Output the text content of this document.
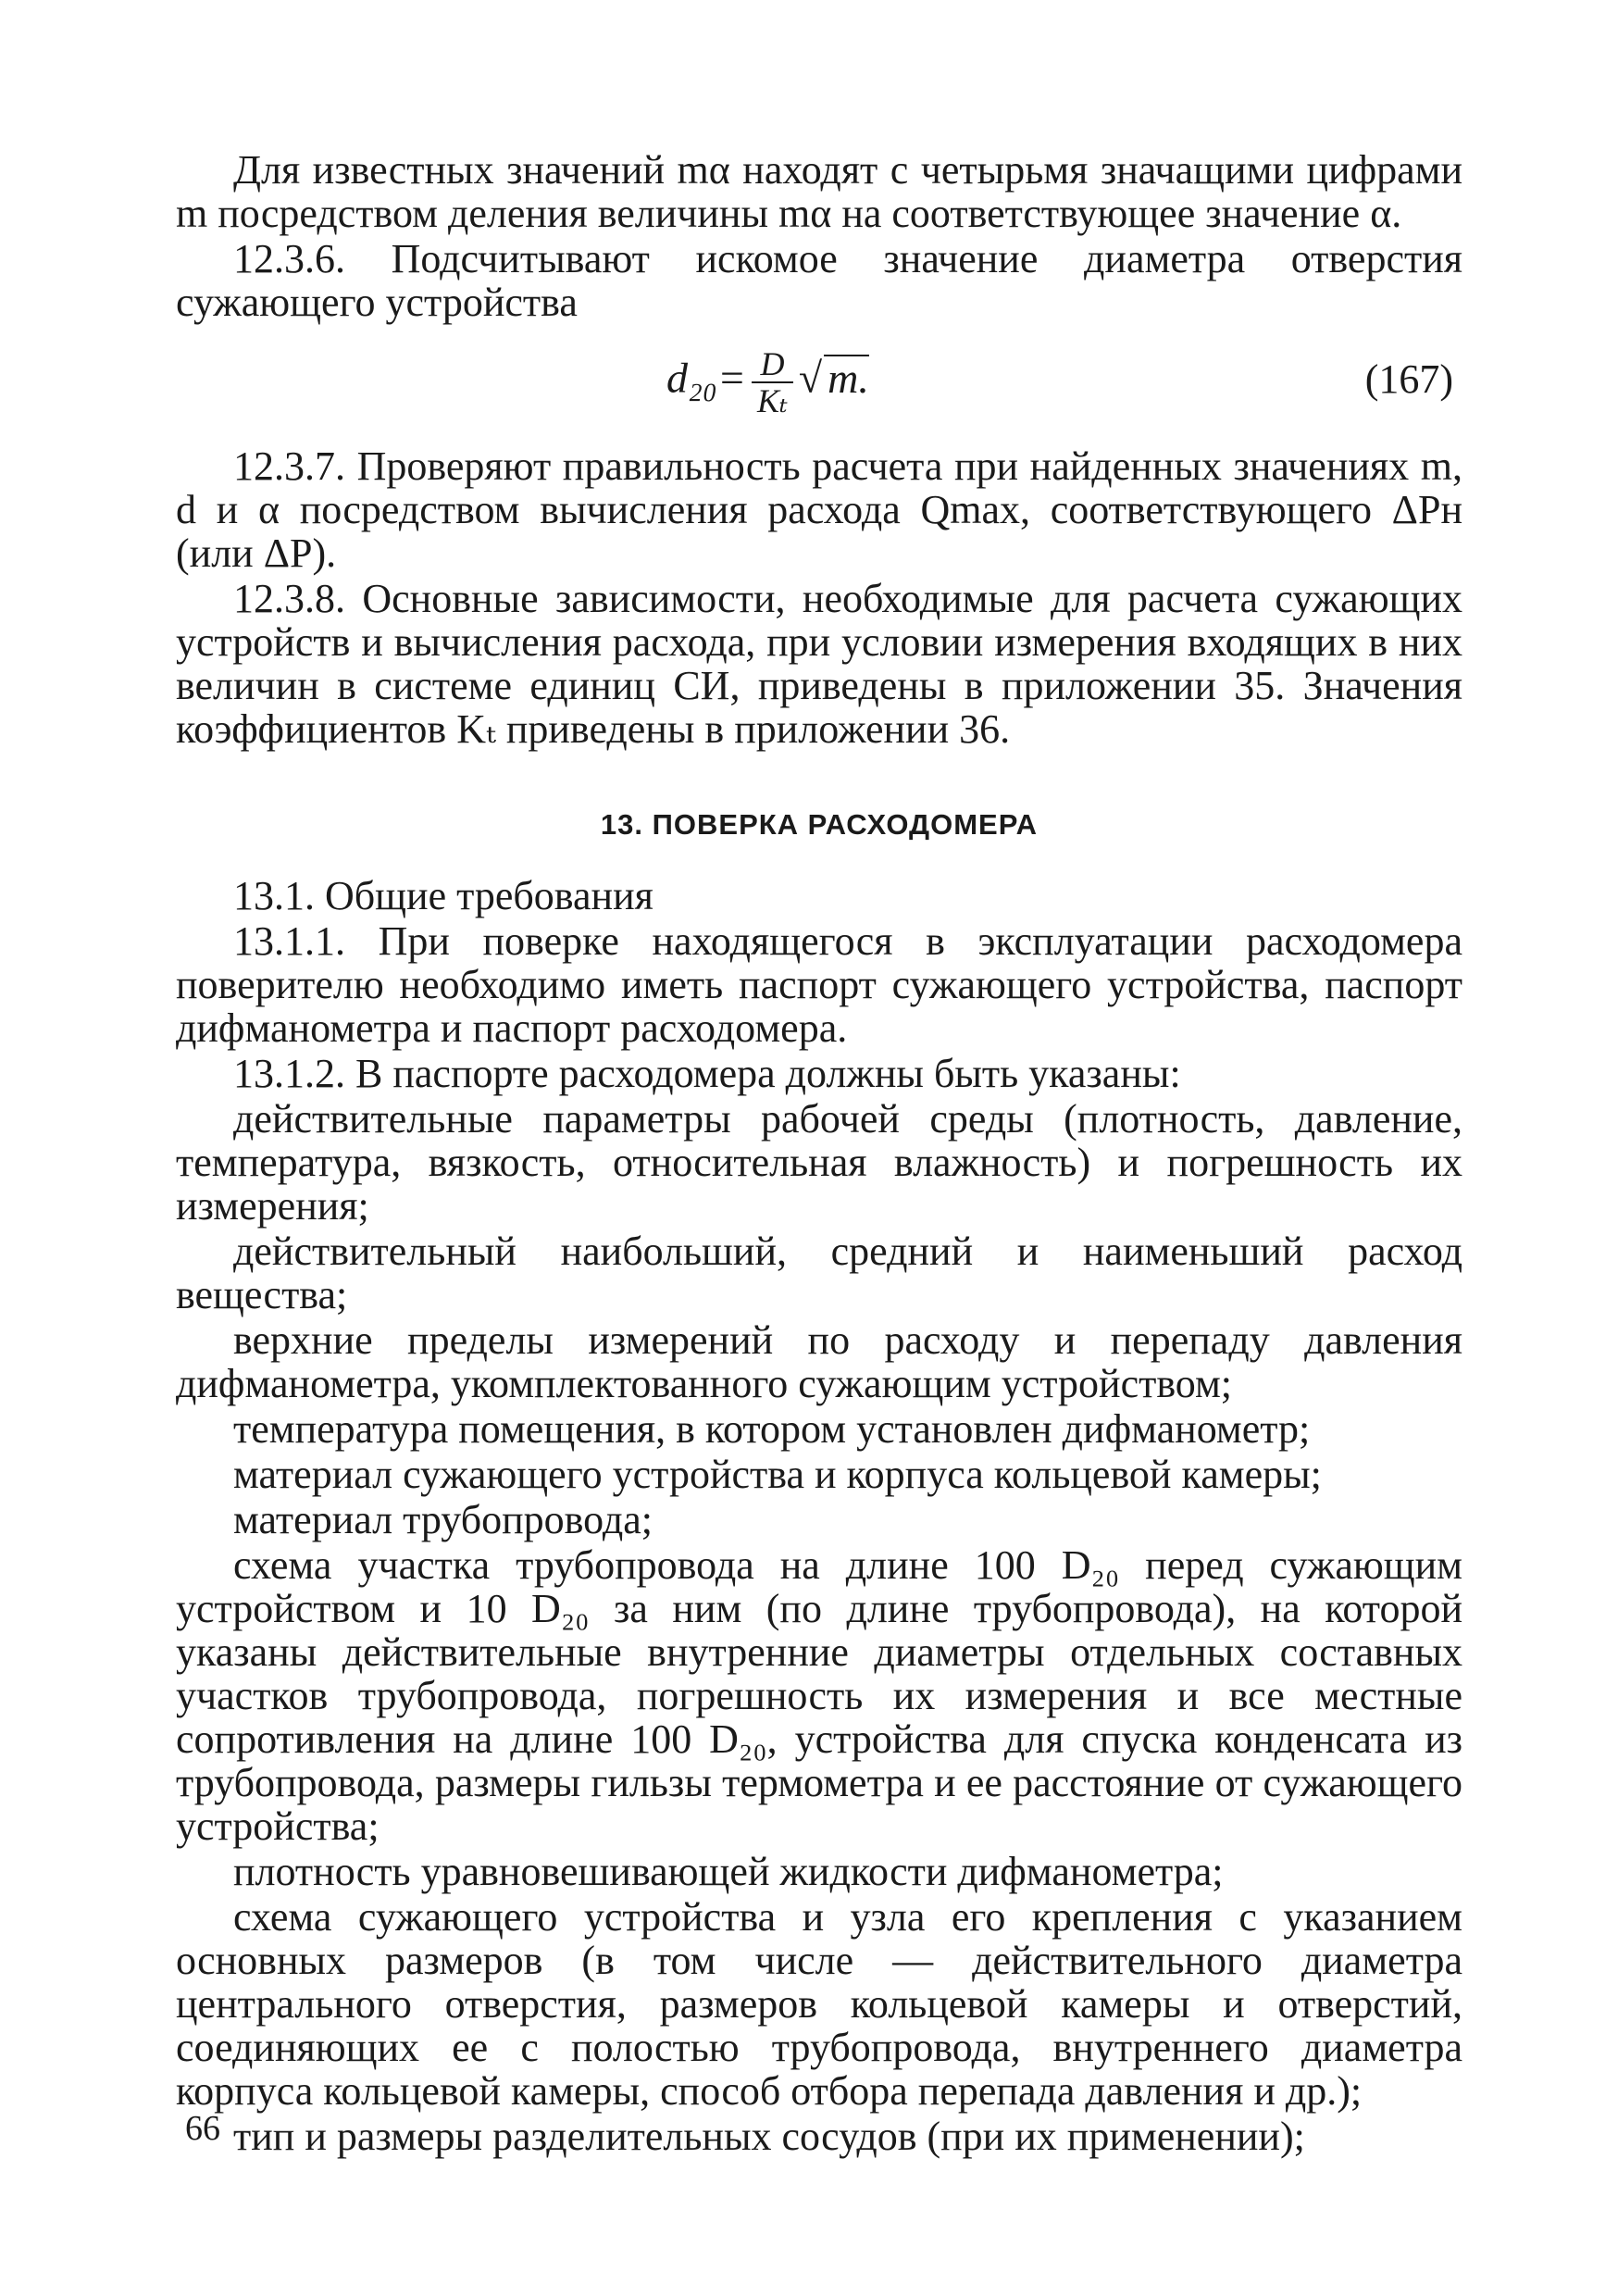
Для известных значений mα находят с четырьмя значащими цифрами m посредством деления величины mα на соответствующее значение α.

12.3.6. Подсчитывают искомое значение диаметра отверстия сужающего устройства

$d_{20}= \frac{D}{\text{Kₜ}}$ √ m.	(167)

12.3.7. Проверяют правильность расчета при найденных значениях m, d и α посредством вычисления расхода Qmax, соответствующего ΔPн (или ΔP).

12.3.8. Основные зависимости, необходимые для расчета сужающих устройств и вычисления расхода, при условии измерения входящих в них величин в системе единиц СИ, приведены в приложении 35. Значения коэффициентов Kₜ приведены в приложении 36.

13. ПОВЕРКА РАСХОДОМЕРА

13.1. Общие требования

13.1.1. При поверке находящегося в эксплуатации расходомера поверителю необходимо иметь паспорт сужающего устройства, паспорт дифманометра и паспорт расходомера.

13.1.2. В паспорте расходомера должны быть указаны:

действительные параметры рабочей среды (плотность, давление, температура, вязкость, относительная влажность) и погрешность их измерения;

действительный наибольший, средний и наименьший расход вещества;

верхние пределы измерений по расходу и перепаду давления дифманометра, укомплектованного сужающим устройством;

температура помещения, в котором установлен дифманометр;

материал сужающего устройства и корпуса кольцевой камеры;

материал трубопровода;

схема участка трубопровода на длине 100 D₂₀ перед сужающим устройством и 10 D₂₀ за ним (по длине трубопровода), на которой указаны действительные внутренние диаметры отдельных составных участков трубопровода, погрешность их измерения и все местные сопротивления на длине 100 D₂₀, устройства для спуска конденсата из трубопровода, размеры гильзы термометра и ее расстояние от сужающего устройства;

плотность уравновешивающей жидкости дифманометра;

схема сужающего устройства и узла его крепления с указанием основных размеров (в том числе — действительного диаметра центрального отверстия, размеров кольцевой камеры и отверстий, соединяющих ее с полостью трубопровода, внутреннего диаметра корпуса кольцевой камеры, способ отбора перепада давления и др.);

тип и размеры разделительных сосудов (при их применении);

66
